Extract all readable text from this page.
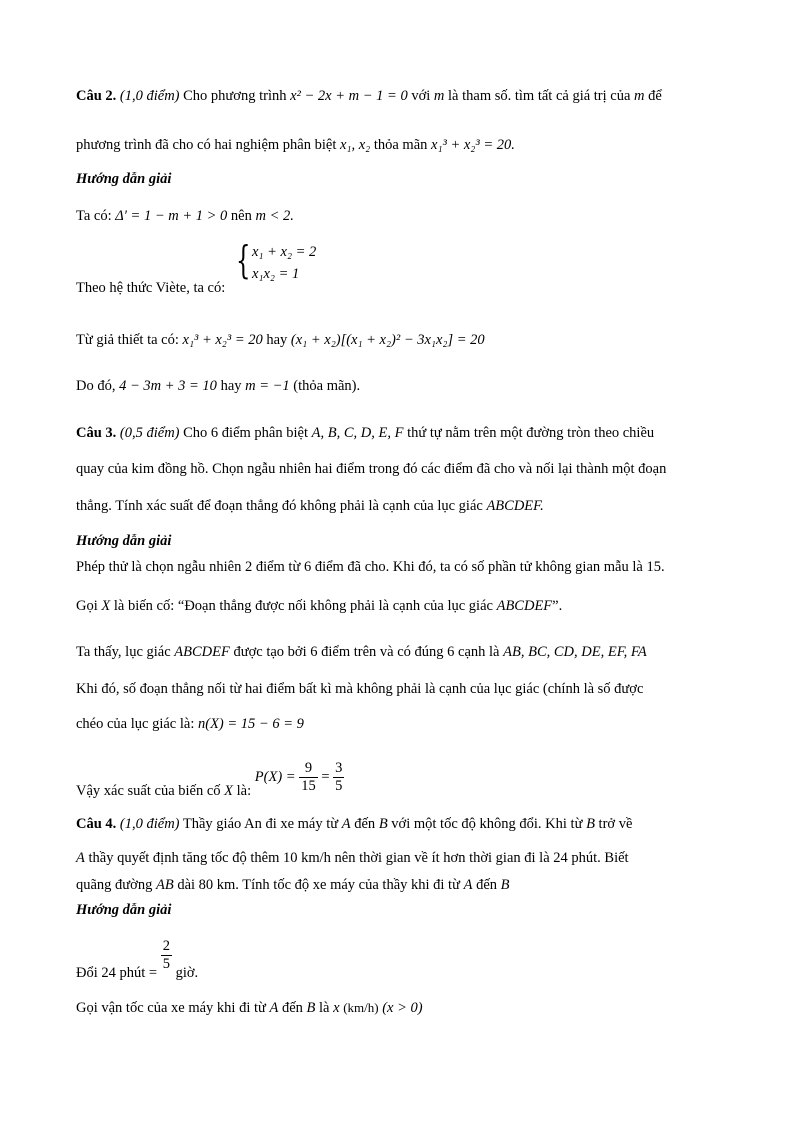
Câu 2. (1,0 điểm) Cho phương trình x² − 2x + m − 1 = 0 với m là tham số. tìm tất cả giá trị của m để
phương trình đã cho có hai nghiệm phân biệt x₁, x₂ thỏa mãn x₁³ + x₂³ = 20.
Hướng dẫn giải
Ta có: Δ′ = 1 − m + 1 > 0 nên m < 2.
Theo hệ thức Viète, ta có:
{ x₁ + x₂ = 2
x₁x₂ = 1
Từ giả thiết ta có: x₁³ + x₂³ = 20 hay (x₁ + x₂)[(x₁ + x₂)² − 3x₁x₂] = 20
Do đó, 4 − 3m + 3 = 10 hay m = −1 (thỏa mãn).
Câu 3. (0,5 điểm) Cho 6 điểm phân biệt A, B, C, D, E, F thứ tự nằm trên một đường tròn theo chiều
quay của kim đồng hồ. Chọn ngẫu nhiên hai điểm trong đó các điểm đã cho và nối lại thành một đoạn
thẳng. Tính xác suất để đoạn thẳng đó không phải là cạnh của lục giác ABCDEF.
Hướng dẫn giải
Phép thử là chọn ngẫu nhiên 2 điểm từ 6 điểm đã cho. Khi đó, ta có số phần tử không gian mẫu là 15.
Gọi X là biến cố: “Đoạn thẳng được nối không phải là cạnh của lục giác ABCDEF”.
Ta thấy, lục giác ABCDEF được tạo bởi 6 điểm trên và có đúng 6 cạnh là AB, BC, CD, DE, EF, FA
Khi đó, số đoạn thẳng nối từ hai điểm bất kì mà không phải là cạnh của lục giác (chính là số được
chéo của lục giác là: n(X) = 15 − 6 = 9
Vậy xác suất của biến cố X là: $P(X) = \frac{9}{15} = \frac{3}{5}$
Câu 4. (1,0 điểm) Thầy giáo An đi xe máy từ A đến B với một tốc độ không đổi. Khi từ B trở về
A thầy quyết định tăng tốc độ thêm 10 km/h nên thời gian về ít hơn thời gian đi là 24 phút. Biết
quãng đường AB dài 80 km. Tính tốc độ xe máy của thầy khi đi từ A đến B
Hướng dẫn giải
Đổi 24 phút = $\frac{2}{5}$ giờ.
Gọi vận tốc của xe máy khi đi từ A đến B là x (km/h) (x > 0)
